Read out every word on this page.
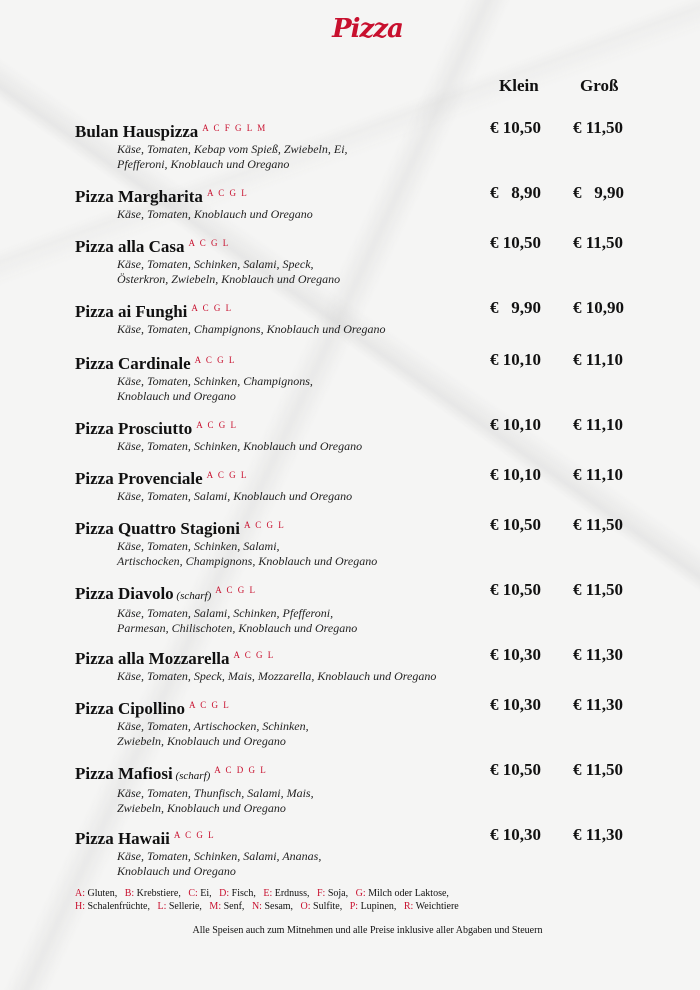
Pizza
Klein Groß
Bulan Hauspizza $^{A C F G L M}$
Käse, Tomaten, Kebap vom Spieß, Zwiebeln, Ei,
Pfefferoni, Knoblauch und Oregano
€ 10,50 € 11,50
Pizza Margharita $^{A C G L}$
Käse, Tomaten, Knoblauch und Oregano
€   8,90 €   9,90
Pizza alla Casa $^{A C G L}$
Käse, Tomaten, Schinken, Salami, Speck,
Österkron, Zwiebeln, Knoblauch und Oregano
€ 10,50 € 11,50
Pizza ai Funghi $^{A C G L}$
Käse, Tomaten, Champignons, Knoblauch und Oregano
€   9,90 € 10,90
Pizza Cardinale $^{A C G L}$
Käse, Tomaten, Schinken, Champignons,
Knoblauch und Oregano
€ 10,10 € 11,10
Pizza Prosciutto $^{A C G L}$
Käse, Tomaten, Schinken, Knoblauch und Oregano
€ 10,10 € 11,10
Pizza Provenciale $^{A C G L}$
Käse, Tomaten, Salami, Knoblauch und Oregano
€ 10,10 € 11,10
Pizza Quattro Stagioni $^{A C G L}$
Käse, Tomaten, Schinken, Salami,
Artischocken, Champignons, Knoblauch und Oregano
€ 10,50 € 11,50
Pizza Diavolo (scharf) $^{A C G L}$
Käse, Tomaten, Salami, Schinken, Pfefferoni,
Parmesan, Chilischoten, Knoblauch und Oregano
€ 10,50 € 11,50
Pizza alla Mozzarella $^{A C G L}$
Käse, Tomaten, Speck, Mais, Mozzarella, Knoblauch und Oregano
€ 10,30 € 11,30
Pizza Cipollino $^{A C G L}$
Käse, Tomaten, Artischocken, Schinken,
Zwiebeln, Knoblauch und Oregano
€ 10,30 € 11,30
Pizza Mafiosi (scharf) $^{A C D G L}$
Käse, Tomaten, Thunfisch, Salami, Mais,
Zwiebeln, Knoblauch und Oregano
€ 10,50 € 11,50
Pizza Hawaii $^{A C G L}$
Käse, Tomaten, Schinken, Salami, Ananas,
Knoblauch und Oregano
€ 10,30 € 11,30
A: Gluten,   B: Krebstiere,   C: Ei,   D: Fisch,   E: Erdnuss,   F: Soja,   G: Milch oder Laktose,
H: Schalenfrüchte,   L: Sellerie,   M: Senf,   N: Sesam,   O: Sulfite,   P: Lupinen,   R: Weichtiere
Alle Speisen auch zum Mitnehmen und alle Preise inklusive aller Abgaben und Steuern
